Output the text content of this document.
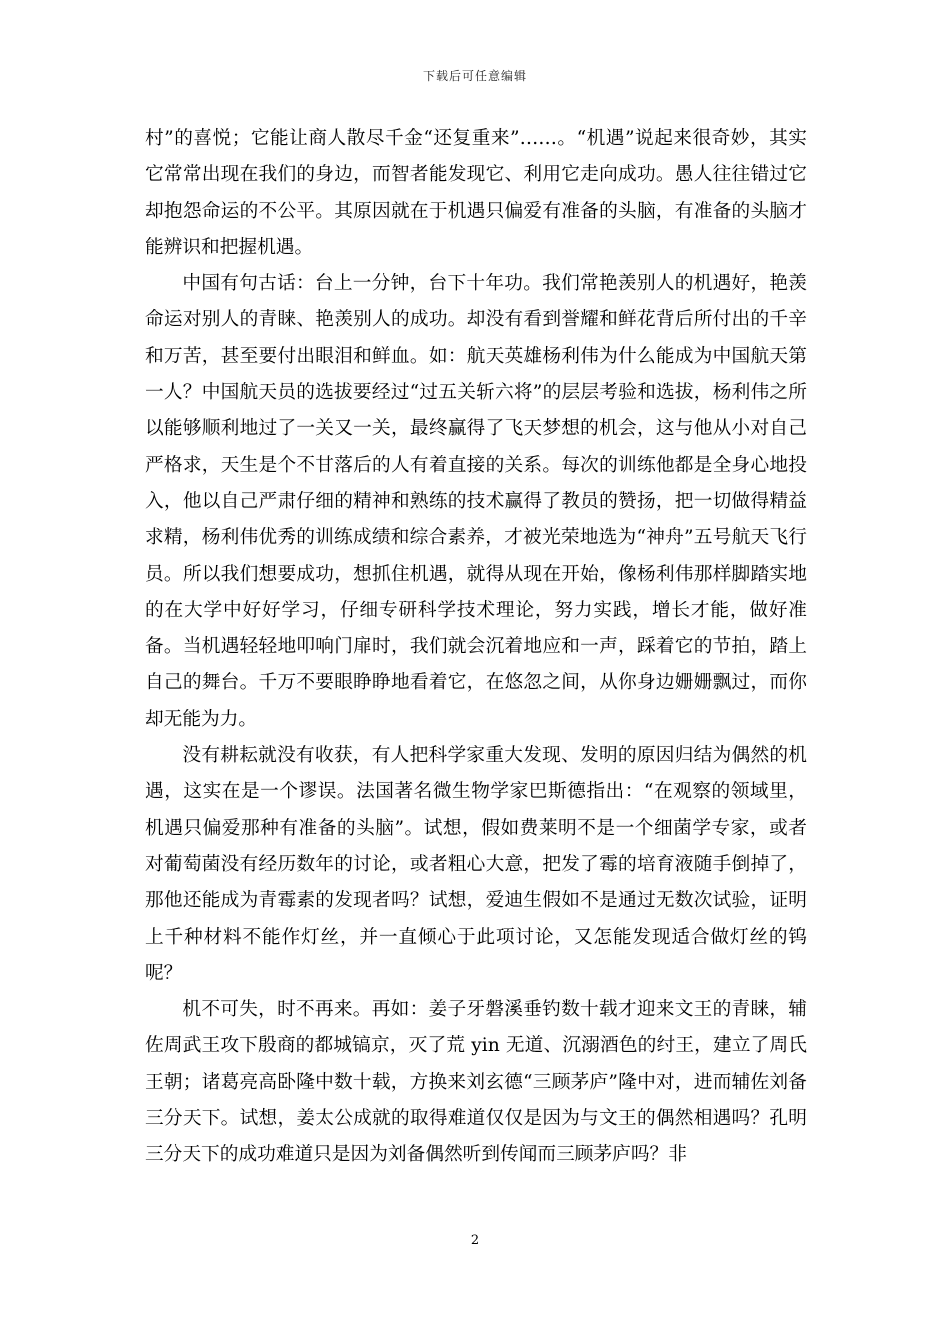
下载后可任意编辑

村”的喜悦；它能让商人散尽千金“还复重来”……。“机遇”说起来很奇妙，其实它常常出现在我们的身边，而智者能发现它、利用它走向成功。愚人往往错过它却抱怨命运的不公平。其原因就在于机遇只偏爱有准备的头脑，有准备的头脑才能辨识和把握机遇。

中国有句古话：台上一分钟，台下十年功。我们常艳羡别人的机遇好，艳羡命运对别人的青睐、艳羡别人的成功。却没有看到誉耀和鲜花背后所付出的千辛和万苦，甚至要付出眼泪和鲜血。如：航天英雄杨利伟为什么能成为中国航天第一人？中国航天员的选拔要经过“过五关斩六将”的层层考验和选拔，杨利伟之所以能够顺利地过了一关又一关，最终赢得了飞天梦想的机会，这与他从小对自己严格求，天生是个不甘落后的人有着直接的关系。每次的训练他都是全身心地投入，他以自己严肃仔细的精神和熟练的技术赢得了教员的赞扬，把一切做得精益求精，杨利伟优秀的训练成绩和综合素养，才被光荣地选为“神舟”五号航天飞行员。所以我们想要成功，想抓住机遇，就得从现在开始，像杨利伟那样脚踏实地的在大学中好好学习，仔细专研科学技术理论，努力实践，增长才能，做好准备。当机遇轻轻地叩响门扉时，我们就会沉着地应和一声，踩着它的节拍，踏上自己的舞台。千万不要眼睁睁地看着它，在悠忽之间，从你身边姗姗飘过，而你却无能为力。

没有耕耘就没有收获，有人把科学家重大发现、发明的原因归结为偶然的机遇，这实在是一个谬误。法国著名微生物学家巴斯德指出：“在观察的领域里，机遇只偏爱那种有准备的头脑”。试想，假如费莱明不是一个细菌学专家，或者对葡萄菌没有经历数年的讨论，或者粗心大意，把发了霉的培育液随手倒掉了，那他还能成为青霉素的发现者吗？试想，爱迪生假如不是通过无数次试验，证明上千种材料不能作灯丝，并一直倾心于此项讨论，又怎能发现适合做灯丝的钨呢？

机不可失，时不再来。再如：姜子牙磐溪垂钓数十载才迎来文王的青睐，辅佐周武王攻下殷商的都城镐京，灭了荒 yin 无道、沉溺酒色的纣王，建立了周氏王朝；诸葛亮高卧隆中数十载，方换来刘玄德“三顾茅庐”隆中对，进而辅佐刘备三分天下。试想，姜太公成就的取得难道仅仅是因为与文王的偶然相遇吗？孔明三分天下的成功难道只是因为刘备偶然听到传闻而三顾茅庐吗？非

2
